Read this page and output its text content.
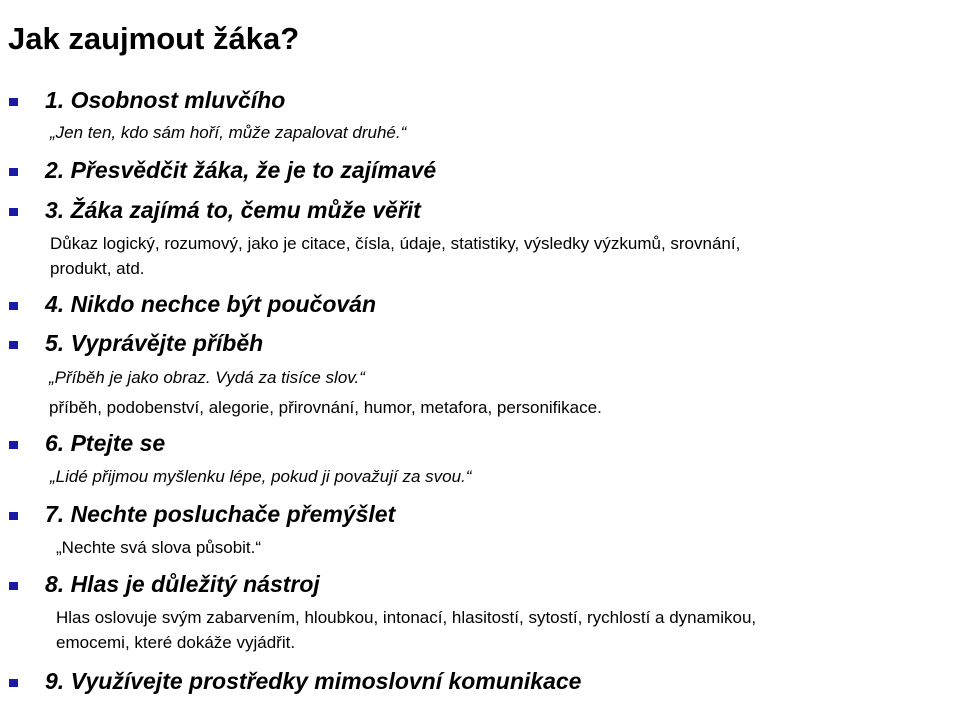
Jak zaujmout žáka?
1. Osobnost mluvčího
„Jen ten, kdo sám hoří, může zapalovat druhé.“
2. Přesvědčit žáka, že je to zajímavé
3. Žáka zajímá to, čemu může věřit
Důkaz logický, rozumový, jako je citace, čísla, údaje, statistiky, výsledky výzkumů, srovnání,
produkt, atd.
4. Nikdo nechce být poučován
5. Vyprávějte příběh
„Příběh je jako obraz. Vydá za tisíce slov.“
příběh, podobenství, alegorie, přirovnání, humor, metafora, personifikace.
6. Ptejte se
„Lidé přijmou myšlenku lépe, pokud ji považují za svou.“
7. Nechte posluchače přemýšlet
„Nechte svá slova působit.“
8. Hlas je důležitý nástroj
Hlas oslovuje svým zabarvením, hloubkou, intonací, hlasitostí, sytostí, rychlostí a dynamikou,
emocemi, které dokáže vyjádřit.
9. Využívejte prostředky mimoslovní komunikace
